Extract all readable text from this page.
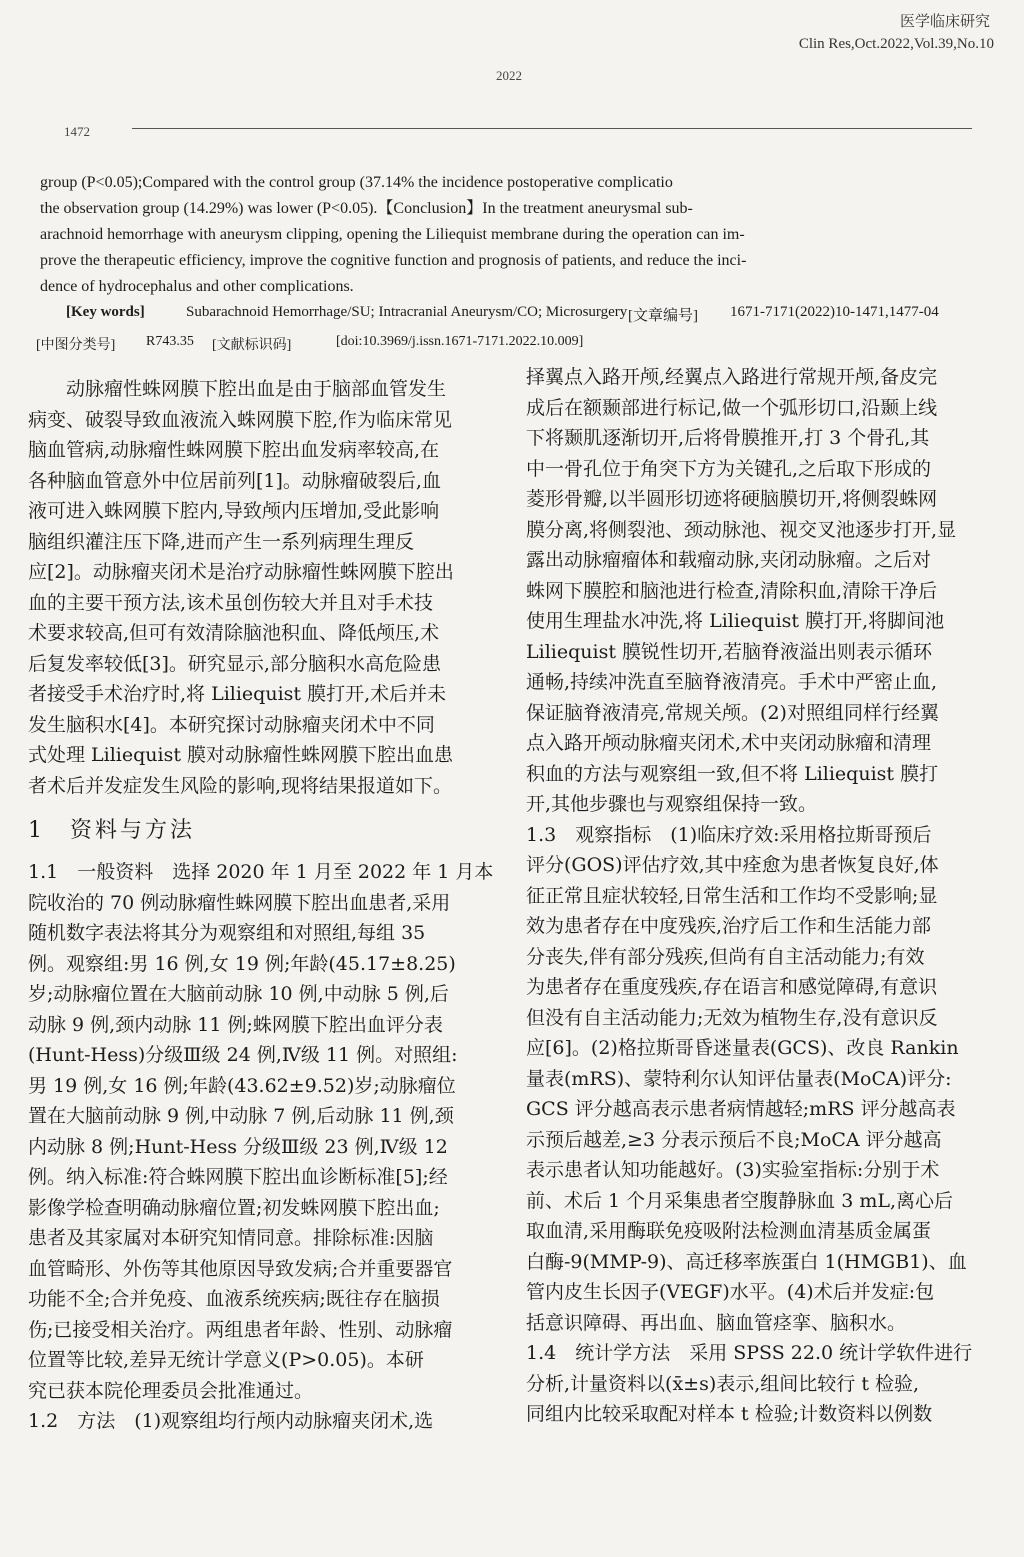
医学临床研究
Clin Res,Oct.2022,Vol.39,No.10
2022
1472
group (P<0.05);Compared with the control group (37.14% the incidence postoperative complicatio
the observation group (14.29%) was lower (P<0.05).【Conclusion】In the treatment aneurysmal sub-
arachnoid hemorrhage with aneurysm clipping, opening the Liliequist membrane during the operation can im-
prove the therapeutic efficiency, improve the cognitive function and prognosis of patients, and reduce the inci-
dence of hydrocephalus and other complications.
[Key words]	Subarachnoid Hemorrhage/SU; Intracranial Aneurysm/CO; Microsurgery [文章编号] 1671-7171(2022)10-1471,1477-04
[中图分类号] R743.35 [文献标识码]	[doi:10.3969/j.issn.1671-7171.2022.10.009]
　　动脉瘤性蛛网膜下腔出血是由于脑部血管发生
病变、破裂导致血液流入蛛网膜下腔,作为临床常见
脑血管病,动脉瘤性蛛网膜下腔出血发病率较高,在
各种脑血管意外中位居前列[1]。动脉瘤破裂后,血
液可进入蛛网膜下腔内,导致颅内压增加,受此影响
脑组织灌注压下降,进而产生一系列病理生理反
应[2]。动脉瘤夹闭术是治疗动脉瘤性蛛网膜下腔出
血的主要干预方法,该术虽创伤较大并且对手术技
术要求较高,但可有效清除脑池积血、降低颅压,术
后复发率较低[3]。研究显示,部分脑积水高危险患
者接受手术治疗时,将 Liliequist 膜打开,术后并未
发生脑积水[4]。本研究探讨动脉瘤夹闭术中不同
式处理 Liliequist 膜对动脉瘤性蛛网膜下腔出血患
者术后并发症发生风险的影响,现将结果报道如下。
1　资料与方法
1.1　一般资料　选择 2020 年 1 月至 2022 年 1 月本
院收治的 70 例动脉瘤性蛛网膜下腔出血患者,采用
随机数字表法将其分为观察组和对照组,每组 35
例。观察组:男 16 例,女 19 例;年龄(45.17±8.25)
岁;动脉瘤位置在大脑前动脉 10 例,中动脉 5 例,后
动脉 9 例,颈内动脉 11 例;蛛网膜下腔出血评分表
(Hunt-Hess)分级Ⅲ级 24 例,Ⅳ级 11 例。对照组:
男 19 例,女 16 例;年龄(43.62±9.52)岁;动脉瘤位
置在大脑前动脉 9 例,中动脉 7 例,后动脉 11 例,颈
内动脉 8 例;Hunt-Hess 分级Ⅲ级 23 例,Ⅳ级 12
例。纳入标准:符合蛛网膜下腔出血诊断标准[5];经
影像学检查明确动脉瘤位置;初发蛛网膜下腔出血;
患者及其家属对本研究知情同意。排除标准:因脑
血管畸形、外伤等其他原因导致发病;合并重要器官
功能不全;合并免疫、血液系统疾病;既往存在脑损
伤;已接受相关治疗。两组患者年龄、性别、动脉瘤
位置等比较,差异无统计学意义(P>0.05)。本研
究已获本院伦理委员会批准通过。
1.2　方法　(1)观察组均行颅内动脉瘤夹闭术,选
择翼点入路开颅,经翼点入路进行常规开颅,备皮完
成后在额颞部进行标记,做一个弧形切口,沿颞上线
下将颞肌逐渐切开,后将骨膜推开,打 3 个骨孔,其
中一骨孔位于角突下方为关键孔,之后取下形成的
菱形骨瓣,以半圆形切迹将硬脑膜切开,将侧裂蛛网
膜分离,将侧裂池、颈动脉池、视交叉池逐步打开,显
露出动脉瘤瘤体和载瘤动脉,夹闭动脉瘤。之后对
蛛网下膜腔和脑池进行检查,清除积血,清除干净后
使用生理盐水冲洗,将 Liliequist 膜打开,将脚间池
Liliequist 膜锐性切开,若脑脊液溢出则表示循环
通畅,持续冲洗直至脑脊液清亮。手术中严密止血,
保证脑脊液清亮,常规关颅。(2)对照组同样行经翼
点入路开颅动脉瘤夹闭术,术中夹闭动脉瘤和清理
积血的方法与观察组一致,但不将 Liliequist 膜打
开,其他步骤也与观察组保持一致。
1.3　观察指标　(1)临床疗效:采用格拉斯哥预后
评分(GOS)评估疗效,其中痊愈为患者恢复良好,体
征正常且症状较轻,日常生活和工作均不受影响;显
效为患者存在中度残疾,治疗后工作和生活能力部
分丧失,伴有部分残疾,但尚有自主活动能力;有效
为患者存在重度残疾,存在语言和感觉障碍,有意识
但没有自主活动能力;无效为植物生存,没有意识反
应[6]。(2)格拉斯哥昏迷量表(GCS)、改良 Rankin
量表(mRS)、蒙特利尔认知评估量表(MoCA)评分:
GCS 评分越高表示患者病情越轻;mRS 评分越高表
示预后越差,≥3 分表示预后不良;MoCA 评分越高
表示患者认知功能越好。(3)实验室指标:分别于术
前、术后 1 个月采集患者空腹静脉血 3 mL,离心后
取血清,采用酶联免疫吸附法检测血清基质金属蛋
白酶-9(MMP-9)、高迁移率族蛋白 1(HMGB1)、血
管内皮生长因子(VEGF)水平。(4)术后并发症:包
括意识障碍、再出血、脑血管痉挛、脑积水。
1.4　统计学方法　采用 SPSS 22.0 统计学软件进行
分析,计量资料以(x̄±s)表示,组间比较行 t 检验,
同组内比较采取配对样本 t 检验;计数资料以例数
